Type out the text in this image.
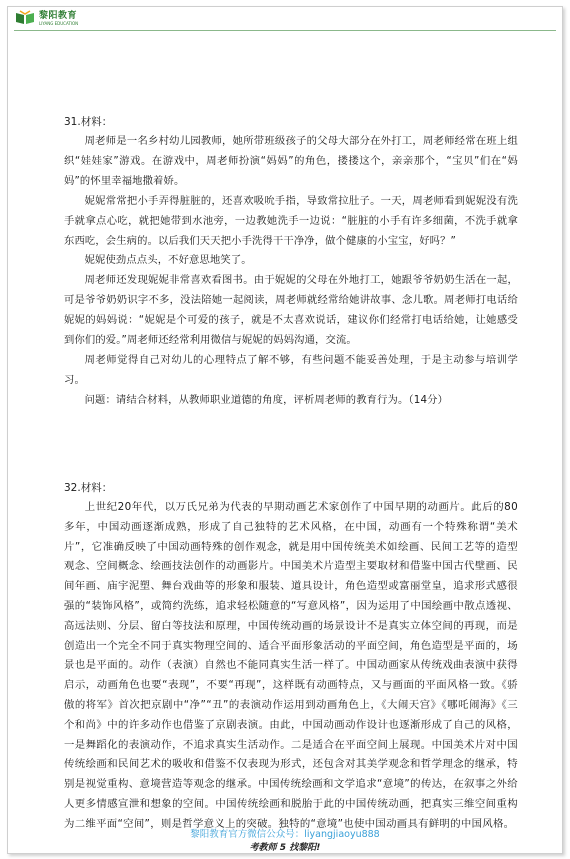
黎阳教育
LIYANG EDUCATION
31.材料：

周老师是一名乡村幼儿园教师，她所带班级孩子的父母大部分在外打工，周老师经常在班上组织“娃娃家”游戏。在游戏中，周老师扮演“妈妈”的角色，搂搂这个，亲亲那个，“宝贝”们在“妈妈”的怀里幸福地撒着娇。

妮妮常常把小手弄得脏脏的，还喜欢吸吮手指，导致常拉肚子。一天，周老师看到妮妮没有洗手就拿点心吃，就把她带到水池旁，一边教她洗手一边说：“脏脏的小手有许多细菌，不洗手就拿东西吃，会生病的。以后我们天天把小手洗得干干净净，做个健康的小宝宝，好吗？”

妮妮使劲点点头，不好意思地笑了。

周老师还发现妮妮非常喜欢看图书。由于妮妮的父母在外地打工，她跟爷爷奶奶生活在一起，可是爷爷奶奶识字不多，没法陪她一起阅读，周老师就经常给她讲故事、念儿歌。周老师打电话给妮妮的妈妈说：“妮妮是个可爱的孩子，就是不太喜欢说话，建议你们经常打电话给她，让她感受到你们的爱。”周老师还经常利用微信与妮妮的妈妈沟通，交流。

周老师觉得自己对幼儿的心理特点了解不够，有些问题不能妥善处理，于是主动参与培训学习。

问题：请结合材料，从教师职业道德的角度，评析周老师的教育行为。（14分）

32.材料：

上世纪20年代，以万氏兄弟为代表的早期动画艺术家创作了中国早期的动画片。此后的80多年，中国动画逐渐成熟，形成了自己独特的艺术风格，在中国，动画有一个特殊称谓“美术片”，它准确反映了中国动画特殊的创作观念，就是用中国传统美术如绘画、民间工艺等的造型观念、空间概念、绘画技法创作的动画影片。中国美术片造型主要取材和借鉴中国古代壁画、民间年画、庙宇泥塑、舞台戏曲等的形象和服装、道具设计，角色造型或富丽堂皇，追求形式感很强的“装饰风格”，或简约洗练，追求轻松随意的“写意风格”，因为运用了中国绘画中散点透视、高远法则、分层、留白等技法和原理，中国传统动画的场景设计不是真实立体空间的再现，而是创造出一个完全不同于真实物理空间的、适合平面形象活动的平面空间，角色造型是平面的，场景也是平面的。动作（表演）自然也不能同真实生活一样了。中国动画家从传统戏曲表演中获得启示，动画角色也要“表现”，不要“再现”，这样既有动画特点，又与画面的平面风格一致。《骄傲的将军》首次把京剧中“净”“丑”的表演动作运用到动画角色上，《大闹天宫》《哪吒闹海》《三个和尚》中的许多动作也借鉴了京剧表演。由此，中国动画动作设计也逐渐形成了自己的风格，一是舞蹈化的表演动作，不追求真实生活动作。二是适合在平面空间上展现。中国美术片对中国传统绘画和民间艺术的吸收和借鉴不仅表现为形式，还包含对其美学观念和哲学理念的继承，特别是视觉重构、意境营造等观念的继承。中国传统绘画和文学追求“意境”的传达，在叙事之外给人更多情感宣泄和想象的空间。中国传统绘画和脱胎于此的中国传统动画，把真实三维空间重构为二维平面“空间”，则是哲学意义上的突破。独特的“意境”也使中国动画具有鲜明的中国风格。

黎阳教育官方微信公众号：liyangjiaoyu888
考教师 5 找黎阳!
